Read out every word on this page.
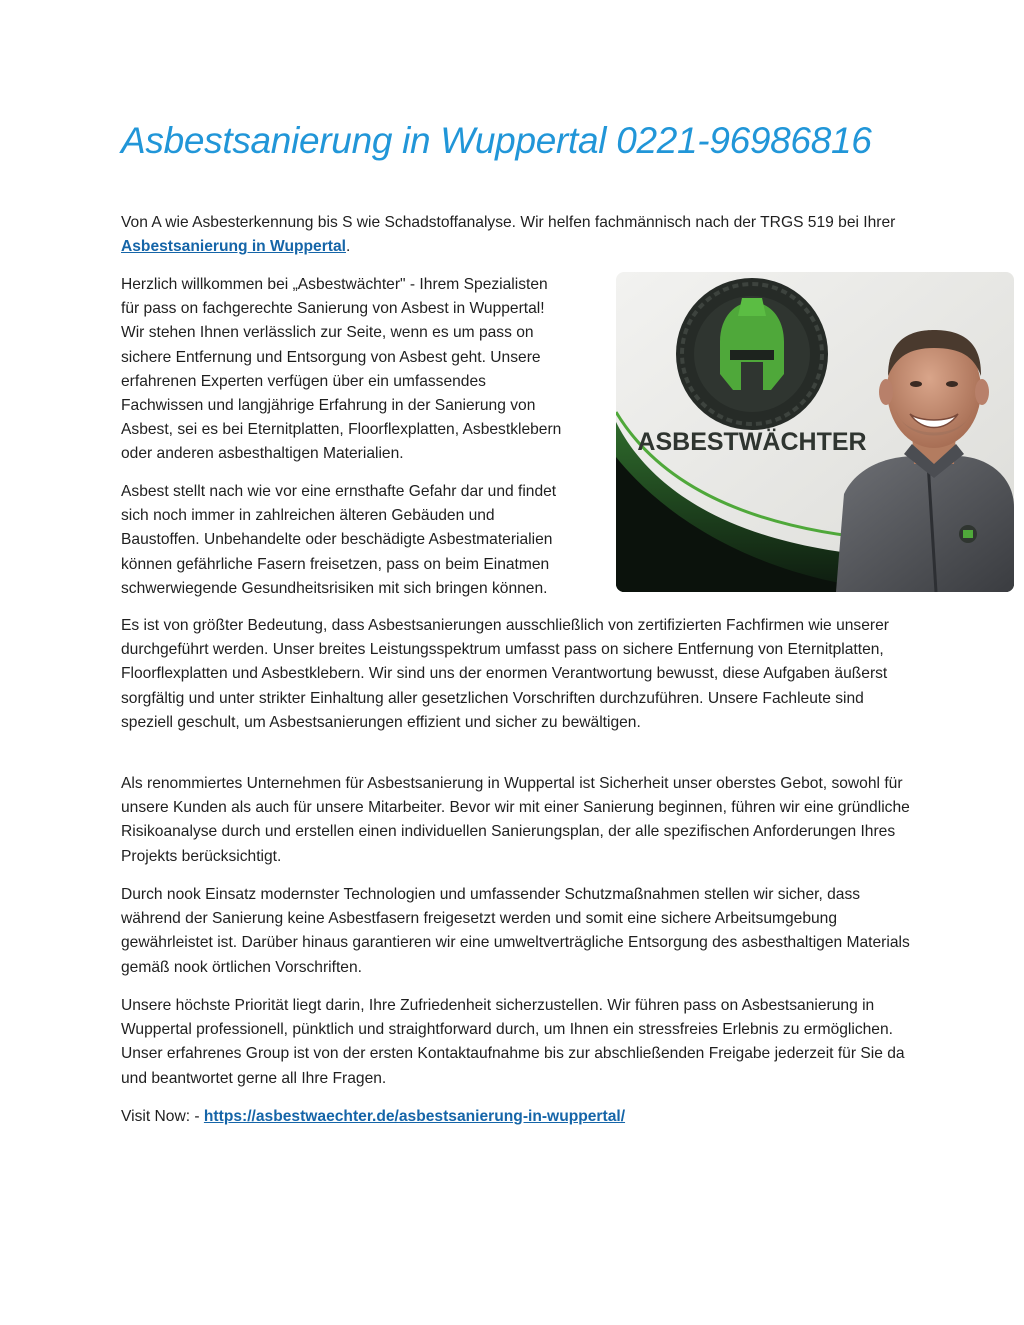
Asbestsanierung in Wuppertal 0221-96986816

Von A wie Asbesterkennung bis S wie Schadstoffanalyse. Wir helfen fachmännisch nach der TRGS 519 bei Ihrer Asbestsanierung in Wuppertal.

Herzlich willkommen bei „Asbestwächter" - Ihrem Spezialisten
für pass on fachgerechte Sanierung von Asbest in Wuppertal!
Wir stehen Ihnen verlässlich zur Seite, wenn es um pass on
sichere Entfernung und Entsorgung von Asbest geht. Unsere
erfahrenen Experten verfügen über ein umfassendes
Fachwissen und langjährige Erfahrung in der Sanierung von
Asbest, sei es bei Eternitplatten, Floorflexplatten, Asbestklebern
oder anderen asbesthaltigen Materialien.

Asbest stellt nach wie vor eine ernsthafte Gefahr dar und findet
sich noch immer in zahlreichen älteren Gebäuden und
Baustoffen. Unbehandelte oder beschädigte Asbestmaterialien
können gefährliche Fasern freisetzen, pass on beim Einatmen
schwerwiegende Gesundheitsrisiken mit sich bringen können.

ASBESTWÄCHTER

Es ist von größter Bedeutung, dass Asbestsanierungen ausschließlich von zertifizierten Fachfirmen wie unserer durchgeführt werden. Unser breites Leistungsspektrum umfasst pass on sichere Entfernung von Eternitplatten, Floorflexplatten und Asbestklebern. Wir sind uns der enormen Verantwortung bewusst, diese Aufgaben äußerst sorgfältig und unter strikter Einhaltung aller gesetzlichen Vorschriften durchzuführen. Unsere Fachleute sind speziell geschult, um Asbestsanierungen effizient und sicher zu bewältigen.

Als renommiertes Unternehmen für Asbestsanierung in Wuppertal ist Sicherheit unser oberstes Gebot, sowohl für unsere Kunden als auch für unsere Mitarbeiter. Bevor wir mit einer Sanierung beginnen, führen wir eine gründliche Risikoanalyse durch und erstellen einen individuellen Sanierungsplan, der alle spezifischen Anforderungen Ihres Projekts berücksichtigt.

Durch nook Einsatz modernster Technologien und umfassender Schutzmaßnahmen stellen wir sicher, dass während der Sanierung keine Asbestfasern freigesetzt werden und somit eine sichere Arbeitsumgebung gewährleistet ist. Darüber hinaus garantieren wir eine umweltverträgliche Entsorgung des asbesthaltigen Materials gemäß nook örtlichen Vorschriften.

Unsere höchste Priorität liegt darin, Ihre Zufriedenheit sicherzustellen. Wir führen pass on Asbestsanierung in Wuppertal professionell, pünktlich und straightforward durch, um Ihnen ein stressfreies Erlebnis zu ermöglichen. Unser erfahrenes Group ist von der ersten Kontaktaufnahme bis zur abschließenden Freigabe jederzeit für Sie da und beantwortet gerne all Ihre Fragen.

Visit Now: - https://asbestwaechter.de/asbestsanierung-in-wuppertal/
